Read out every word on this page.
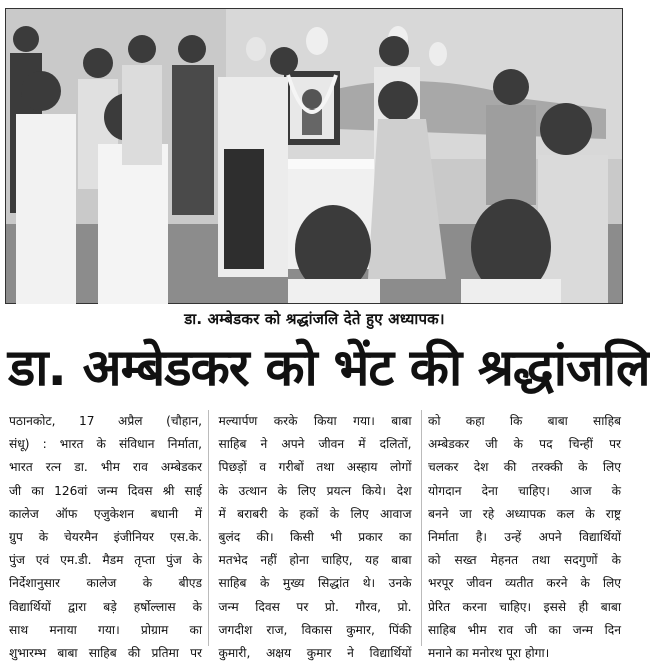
डा. अम्बेडकर को श्रद्धांजलि देते हुए अध्यापक।
डा. अम्बेडकर को भेंट की श्रद्धांजलि
पठानकोट, 17 अप्रैल (चौहान,
संधू) : भारत के संविधान निर्माता,
भारत रत्न डा. भीम राव अम्बेडकर
जी का 126वां जन्म दिवस श्री साई
कालेज ऑफ एजुकेशन बधानी में
ग्रुप के चेयरमैन इंजीनियर एस.के.
पुंज एवं एम.डी. मैडम तृप्ता पुंज के
निर्देशानुसार कालेज के बीएड
विद्यार्थियों द्वारा बड़े हर्षोल्लास के
साथ मनाया गया। प्रोग्राम का
शुभारम्भ बाबा साहिब की प्रतिमा पर
मल्यार्पण करके किया गया। बाबा
साहिब ने अपने जीवन में दलितों,
पिछड़ों व गरीबों तथा अस्हाय लोगों
के उत्थान के लिए प्रयत्न किये। देश
में बराबरी के हकों के लिए आवाज
बुलंद की। किसी भी प्रकार का
मतभेद नहीं होना चाहिए, यह बाबा
साहिब के मुख्य सिद्धांत थे। उनके
जन्म दिवस पर प्रो. गौरव, प्रो.
जगदीश राज, विकास कुमार, पिंकी
कुमारी, अक्षय कुमार ने विद्यार्थियों
को कहा कि बाबा साहिब
अम्बेडकर जी के पद चिन्हीं पर
चलकर देश की तरक्की के लिए
योगदान देना चाहिए। आज के
बनने जा रहे अध्यापक कल के राष्ट्र
निर्माता है। उन्हें अपने विद्यार्थियों
को सख्त मेहनत तथा सदगुणों के
भरपूर जीवन व्यतीत करने के लिए
प्रेरित करना चाहिए। इससे ही बाबा
साहिब भीम राव जी का जन्म दिन
मनाने का मनोरथ पूरा होगा।
